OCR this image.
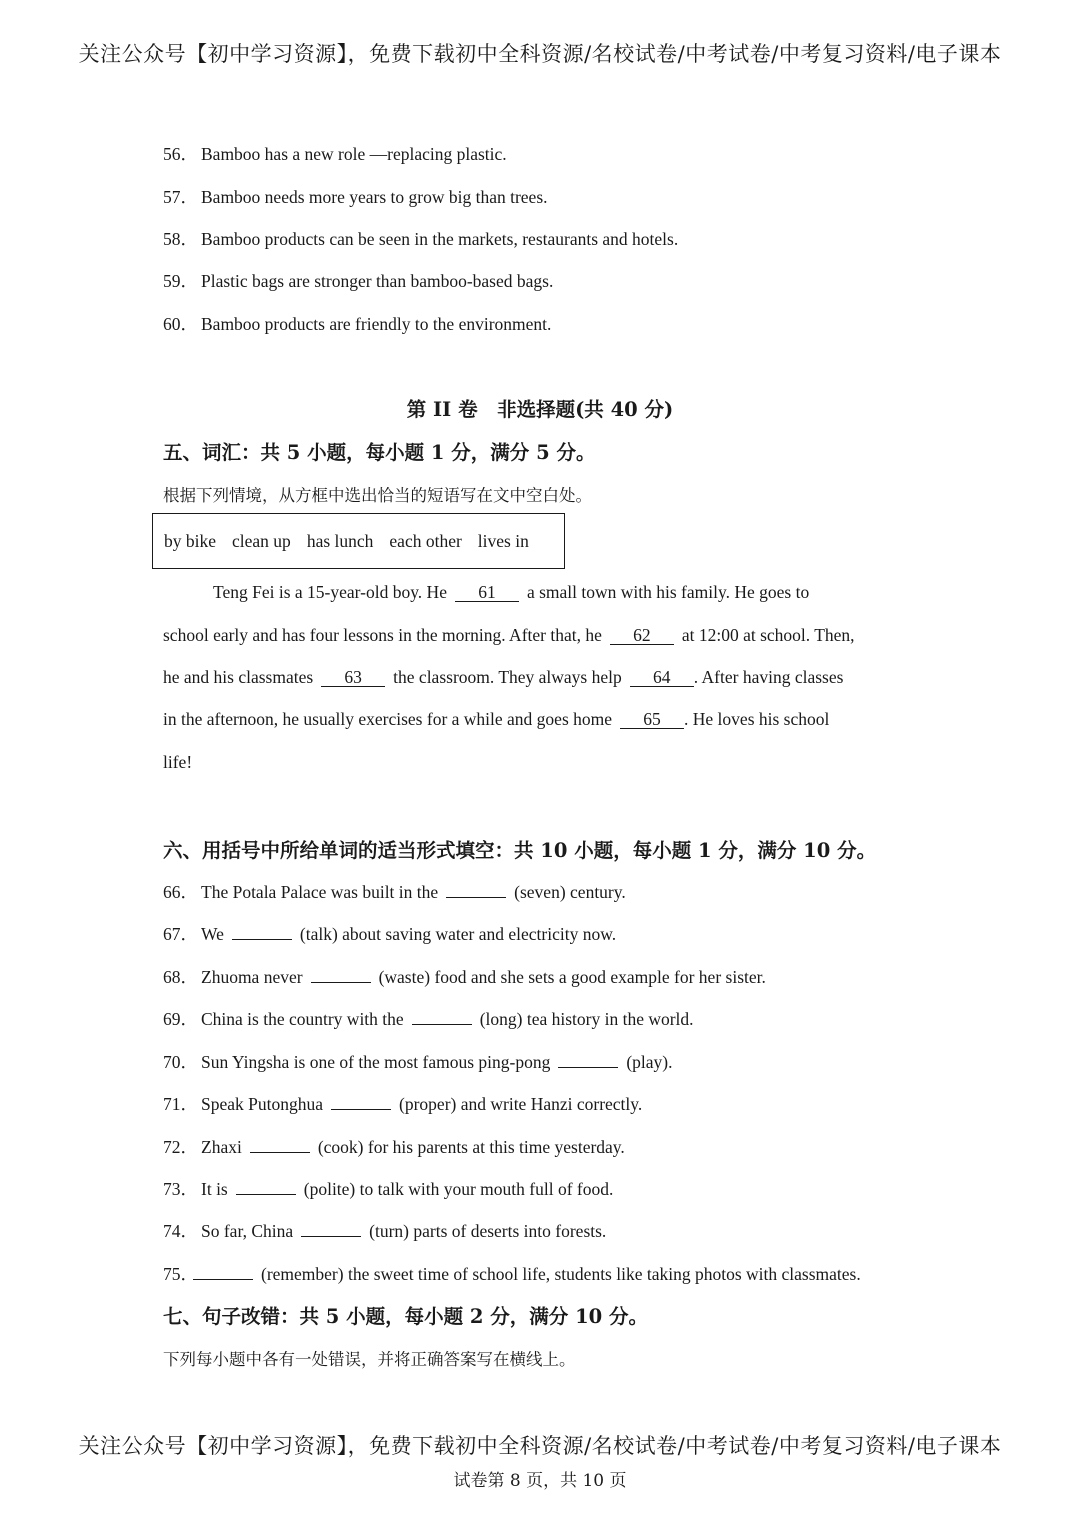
关注公众号【初中学习资源】，免费下载初中全科资源/名校试卷/中考试卷/中考复习资料/电子课本
56． Bamboo has a new role —replacing plastic.
57． Bamboo needs more years to grow big than trees.
58． Bamboo products can be seen in the markets, restaurants and hotels.
59． Plastic bags are stronger than bamboo-based bags.
60． Bamboo products are friendly to the environment.
第 II 卷　非选择题(共 40 分)
五、词汇：共 5 小题，每小题 1 分，满分 5 分。
根据下列情境，从方框中选出恰当的短语写在文中空白处。
by bike clean up has lunch each other lives in
Teng Fei is a 15-year-old boy. He 61 a small town with his family. He goes to
school early and has four lessons in the morning. After that, he 62 at 12:00 at school. Then,
he and his classmates 63 the classroom. They always help 64 . After having classes
in the afternoon, he usually exercises for a while and goes home 65 . He loves his school
life!
六、用括号中所给单词的适当形式填空：共 10 小题，每小题 1 分，满分 10 分。
66． The Potala Palace was built in the	(seven) century.
67． We	(talk) about saving water and electricity now.
68． Zhuoma never	(waste) food and she sets a good example for her sister.
69． China is the country with the	(long) tea history in the world.
70． Sun Yingsha is one of the most famous ping-pong	(play).
71． Speak Putonghua	(proper) and write Hanzi correctly.
72． Zhaxi	(cook) for his parents at this time yesterday.
73． It is	(polite) to talk with your mouth full of food.
74． So far, China	(turn) parts of deserts into forests.
75．	(remember) the sweet time of school life, students like taking photos with classmates.
七、句子改错：共 5 小题，每小题 2 分，满分 10 分。
下列每小题中各有一处错误，并将正确答案写在横线上。
关注公众号【初中学习资源】，免费下载初中全科资源/名校试卷/中考试卷/中考复习资料/电子课本
试卷第 8 页，共 10 页
